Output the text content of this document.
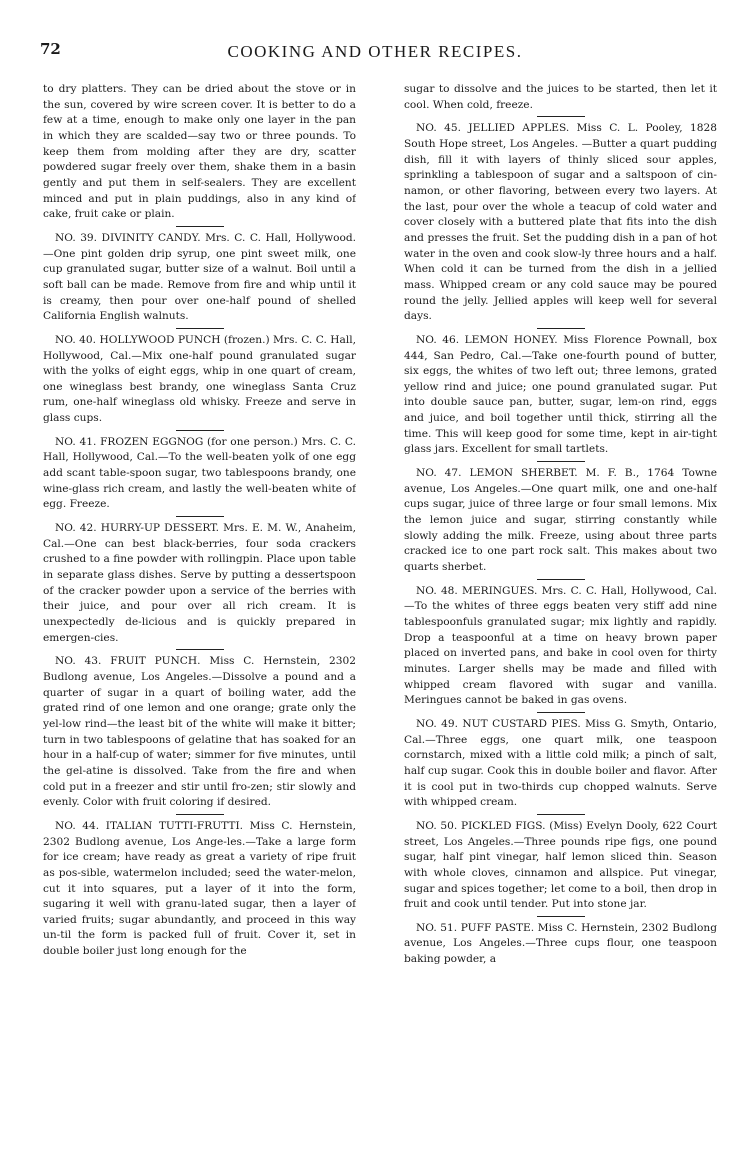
72	COOKING AND OTHER RECIPES.

to dry platters. They can be dried about the stove or in the sun, covered by wire screen cover. It is better to do a few at a time, enough to make only one layer in the pan in which they are scalded—say two or three pounds. To keep them from molding after they are dry, scatter powdered sugar freely over them, shake them in a basin gently and put them in self-sealers. They are excellent minced and put in plain puddings, also in any kind of cake, fruit cake or plain.

NO. 39. DIVINITY CANDY. Mrs. C. C. Hall, Hollywood.—One pint golden drip syrup, one pint sweet milk, one cup granulated sugar, butter size of a walnut. Boil until a soft ball can be made. Remove from fire and whip until it is creamy, then pour over one-half pound of shelled California English walnuts.

NO. 40. HOLLYWOOD PUNCH (frozen.) Mrs. C. C. Hall, Hollywood, Cal.—Mix one-half pound granulated sugar with the yolks of eight eggs, whip in one quart of cream, one wineglass best brandy, one wineglass Santa Cruz rum, one-half wineglass old whisky. Freeze and serve in glass cups.

NO. 41. FROZEN EGGNOG (for one person.) Mrs. C. C. Hall, Hollywood, Cal.—To the well-beaten yolk of one egg add scant table-spoon sugar, two tablespoons brandy, one wine-glass rich cream, and lastly the well-beaten white of egg. Freeze.

NO. 42. HURRY-UP DESSERT. Mrs. E. M. W., Anaheim, Cal.—One can best black-berries, four soda crackers crushed to a fine powder with rollingpin. Place upon table in separate glass dishes. Serve by putting a dessertspoon of the cracker powder upon a service of the berries with their juice, and pour over all rich cream. It is unexpectedly de-licious and is quickly prepared in emergen-cies.

NO. 43. FRUIT PUNCH. Miss C. Hernstein, 2302 Budlong avenue, Los Angeles.—Dissolve a pound and a quarter of sugar in a quart of boiling water, add the grated rind of one lemon and one orange; grate only the yel-low rind—the least bit of the white will make it bitter; turn in two tablespoons of gelatine that has soaked for an hour in a half-cup of water; simmer for five minutes, until the gel-atine is dissolved. Take from the fire and when cold put in a freezer and stir until fro-zen; stir slowly and evenly. Color with fruit coloring if desired.

NO. 44. ITALIAN TUTTI-FRUTTI. Miss C. Hernstein, 2302 Budlong avenue, Los Ange-les.—Take a large form for ice cream; have ready as great a variety of ripe fruit as pos-sible, watermelon included; seed the water-melon, cut it into squares, put a layer of it into the form, sugaring it well with granu-lated sugar, then a layer of varied fruits; sugar abundantly, and proceed in this way un-til the form is packed full of fruit. Cover it, set in double boiler just long enough for the

sugar to dissolve and the juices to be started, then let it cool. When cold, freeze.

NO. 45. JELLIED APPLES. Miss C. L. Pooley, 1828 South Hope street, Los Angeles. —Butter a quart pudding dish, fill it with layers of thinly sliced sour apples, sprinkling a tablespoon of sugar and a saltspoon of cin-namon, or other flavoring, between every two layers. At the last, pour over the whole a teacup of cold water and cover closely with a buttered plate that fits into the dish and presses the fruit. Set the pudding dish in a pan of hot water in the oven and cook slow-ly three hours and a half. When cold it can be turned from the dish in a jellied mass. Whipped cream or any cold sauce may be poured round the jelly. Jellied apples will keep well for several days.

NO. 46. LEMON HONEY. Miss Florence Pownall, box 444, San Pedro, Cal.—Take one-fourth pound of butter, six eggs, the whites of two left out; three lemons, grated yellow rind and juice; one pound granulated sugar. Put into double sauce pan, butter, sugar, lem-on rind, eggs and juice, and boil together until thick, stirring all the time. This will keep good for some time, kept in air-tight glass jars. Excellent for small tartlets.

NO. 47. LEMON SHERBET. M. F. B., 1764 Towne avenue, Los Angeles.—One quart milk, one and one-half cups sugar, juice of three large or four small lemons. Mix the lemon juice and sugar, stirring constantly while slowly adding the milk. Freeze, using about three parts cracked ice to one part rock salt. This makes about two quarts sherbet.

NO. 48. MERINGUES. Mrs. C. C. Hall, Hollywood, Cal.—To the whites of three eggs beaten very stiff add nine tablespoonfuls granulated sugar; mix lightly and rapidly. Drop a teaspoonful at a time on heavy brown paper placed on inverted pans, and bake in cool oven for thirty minutes. Larger shells may be made and filled with whipped cream flavored with sugar and vanilla. Meringues cannot be baked in gas ovens.

NO. 49. NUT CUSTARD PIES. Miss G. Smyth, Ontario, Cal.—Three eggs, one quart milk, one teaspoon cornstarch, mixed with a little cold milk; a pinch of salt, half cup sugar. Cook this in double boiler and flavor. After it is cool put in two-thirds cup chopped walnuts. Serve with whipped cream.

NO. 50. PICKLED FIGS. (Miss) Evelyn Dooly, 622 Court street, Los Angeles.—Three pounds ripe figs, one pound sugar, half pint vinegar, half lemon sliced thin. Season with whole cloves, cinnamon and allspice. Put vinegar, sugar and spices together; let come to a boil, then drop in fruit and cook until tender. Put into stone jar.

NO. 51. PUFF PASTE. Miss C. Hernstein, 2302 Budlong avenue, Los Angeles.—Three cups flour, one teaspoon baking powder, a
